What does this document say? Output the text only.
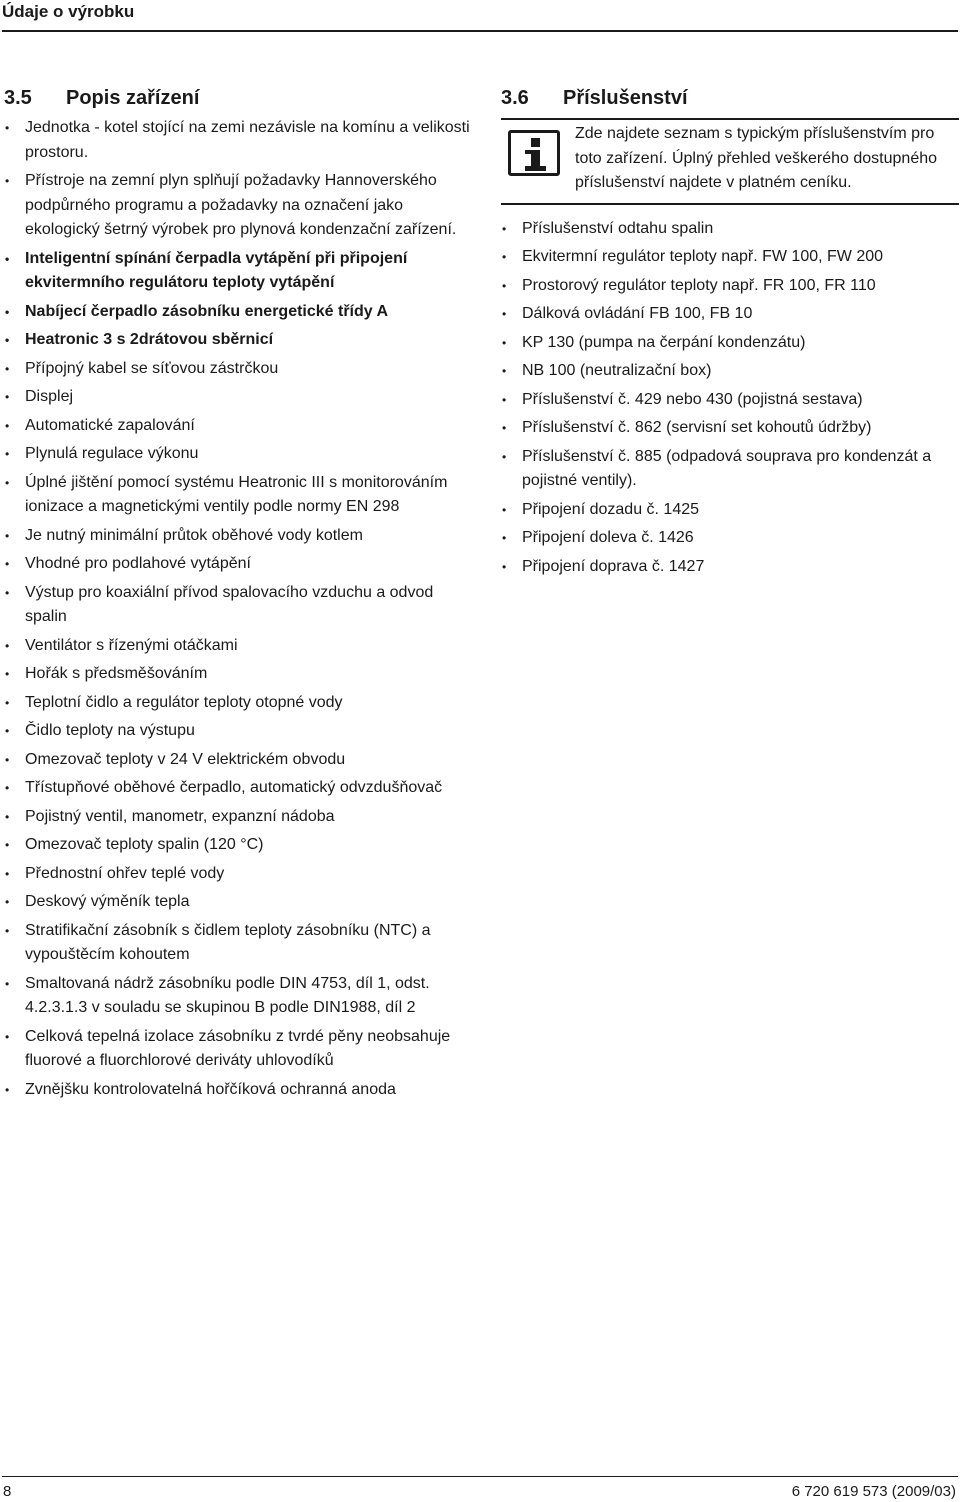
Údaje o výrobku
3.5	Popis zařízení
• Jednotka - kotel stojící na zemi nezávisle na komínu a velikosti prostoru.
• Přístroje na zemní plyn splňují požadavky Hannoverského podpůrného programu a požadavky na označení jako ekologický šetrný výrobek pro plynová kondenzační zařízení.
• Inteligentní spínání čerpadla vytápění při připojení ekvitermního regulátoru teploty vytápění
• Nabíjecí čerpadlo zásobníku energetické třídy A
• Heatronic 3 s 2drátovou sběrnicí
• Přípojný kabel se síťovou zástrčkou
• Displej
• Automatické zapalování
• Plynulá regulace výkonu
• Úplné jištění pomocí systému Heatronic III s monitorováním ionizace a magnetickými ventily podle normy EN 298
• Je nutný minimální průtok oběhové vody kotlem
• Vhodné pro podlahové vytápění
• Výstup pro koaxiální přívod spalovacího vzduchu a odvod spalin
• Ventilátor s řízenými otáčkami
• Hořák s předsměšováním
• Teplotní čidlo a regulátor teploty otopné vody
• Čidlo teploty na výstupu
• Omezovač teploty v 24 V elektrickém obvodu
• Třístupňové oběhové čerpadlo, automatický odvzdušňovač
• Pojistný ventil, manometr, expanzní nádoba
• Omezovač teploty spalin (120 °C)
• Přednostní ohřev teplé vody
• Deskový výměník tepla
• Stratifikační zásobník s čidlem teploty zásobníku (NTC) a vypouštěcím kohoutem
• Smaltovaná nádrž zásobníku podle DIN 4753, díl 1, odst. 4.2.3.1.3 v souladu se skupinou B podle DIN1988, díl 2
• Celková tepelná izolace zásobníku z tvrdé pěny neobsahuje fluorové a fluorchlorové deriváty uhlovodíků
• Zvnějšku kontrolovatelná hořčíková ochranná anoda
3.6	Příslušenství
Zde najdete seznam s typickým příslušenstvím pro toto zařízení. Úplný přehled veškerého dostupného příslušenství najdete v platném ceníku.
• Příslušenství odtahu spalin
• Ekvitermní regulátor teploty např. FW 100, FW 200
• Prostorový regulátor teploty např. FR 100, FR 110
• Dálková ovládání FB 100, FB 10
• KP 130 (pumpa na čerpání kondenzátu)
• NB 100 (neutralizační box)
• Příslušenství č. 429 nebo 430 (pojistná sestava)
• Příslušenství č. 862 (servisní set kohoutů údržby)
• Příslušenství č. 885 (odpadová souprava pro kondenzát a pojistné ventily).
• Připojení dozadu č. 1425
• Připojení doleva č. 1426
• Připojení doprava č. 1427
8	6 720 619 573 (2009/03)
